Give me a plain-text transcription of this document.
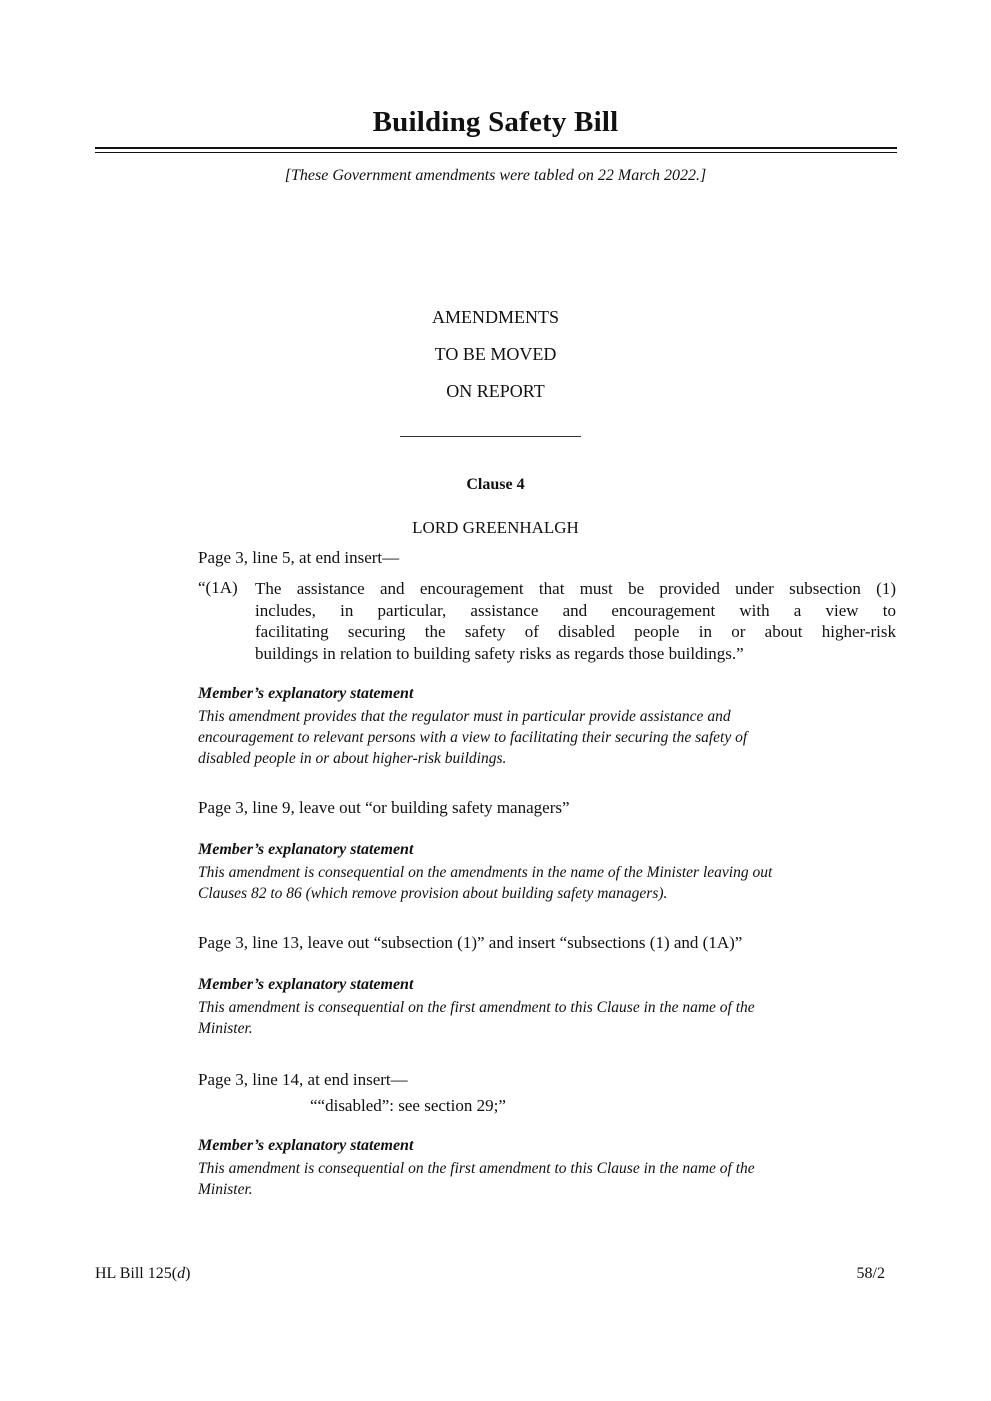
Building Safety Bill
[These Government amendments were tabled on 22 March 2022.]
AMENDMENTS
TO BE MOVED
ON REPORT
Clause 4
LORD GREENHALGH
Page 3, line 5, at end insert—
“(1A) The assistance and encouragement that must be provided under subsection (1)
includes, in particular, assistance and encouragement with a view to
facilitating securing the safety of disabled people in or about higher-risk
buildings in relation to building safety risks as regards those buildings.”
Member’s explanatory statement
This amendment provides that the regulator must in particular provide assistance and
encouragement to relevant persons with a view to facilitating their securing the safety of
disabled people in or about higher-risk buildings.
Page 3, line 9, leave out “or building safety managers”
Member’s explanatory statement
This amendment is consequential on the amendments in the name of the Minister leaving out
Clauses 82 to 86 (which remove provision about building safety managers).
Page 3, line 13, leave out “subsection (1)” and insert “subsections (1) and (1A)”
Member’s explanatory statement
This amendment is consequential on the first amendment to this Clause in the name of the
Minister.
Page 3, line 14, at end insert—
““disabled”: see section 29;”
Member’s explanatory statement
This amendment is consequential on the first amendment to this Clause in the name of the
Minister.
HL Bill 125(d)	58/2
